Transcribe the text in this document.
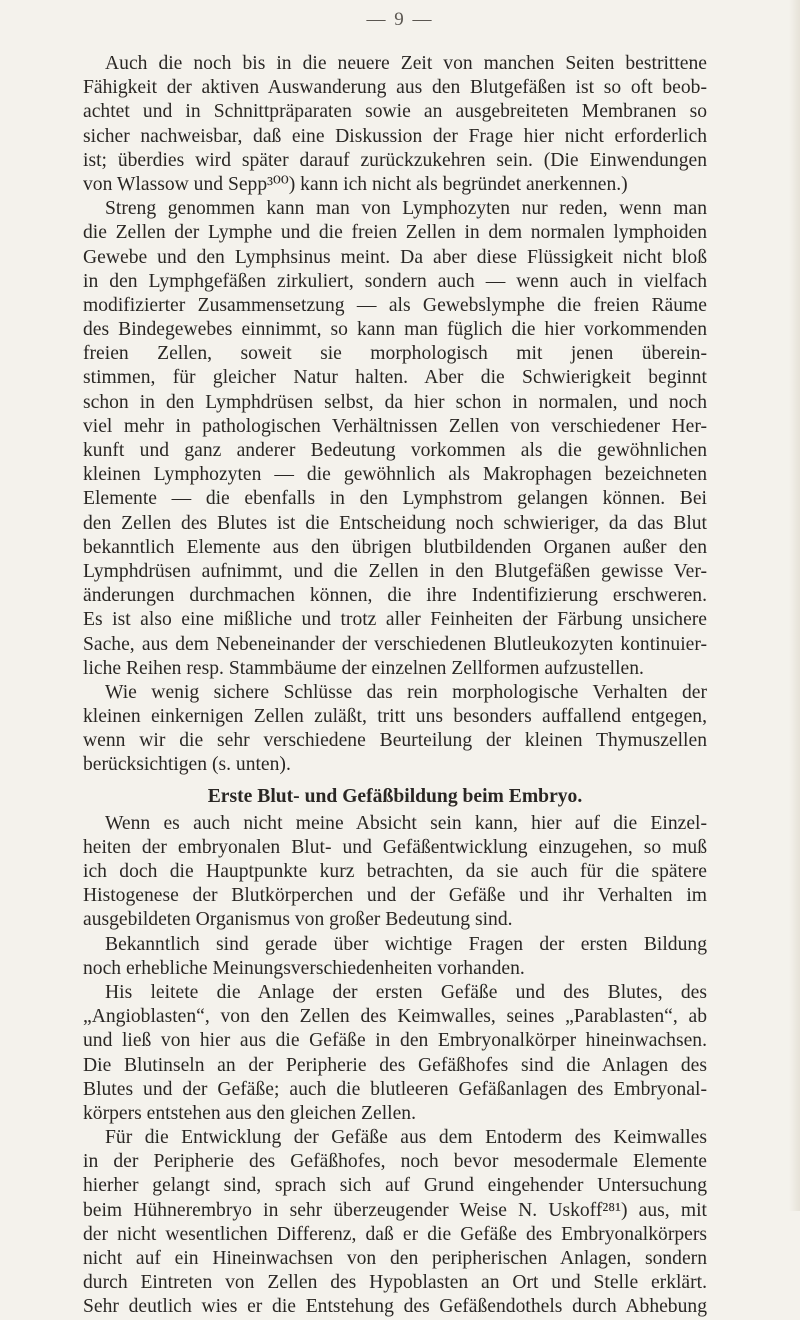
— 9 —
Auch die noch bis in die neuere Zeit von manchen Seiten bestrittene
Fähigkeit der aktiven Auswanderung aus den Blutgefäßen ist so oft beob-
achtet und in Schnittpräparaten sowie an ausgebreiteten Membranen so
sicher nachweisbar, daß eine Diskussion der Frage hier nicht erforderlich
ist; überdies wird später darauf zurückzukehren sein. (Die Einwendungen
von Wlassow und Sepp³⁰⁰) kann ich nicht als begründet anerkennen.)
Streng genommen kann man von Lymphozyten nur reden, wenn man
die Zellen der Lymphe und die freien Zellen in dem normalen lymphoiden
Gewebe und den Lymphsinus meint. Da aber diese Flüssigkeit nicht bloß
in den Lymphgefäßen zirkuliert, sondern auch — wenn auch in vielfach
modifizierter Zusammensetzung — als Gewebslymphe die freien Räume
des Bindegewebes einnimmt, so kann man füglich die hier vorkommenden
freien Zellen, soweit sie morphologisch mit jenen überein-
stimmen, für gleicher Natur halten. Aber die Schwierigkeit beginnt
schon in den Lymphdrüsen selbst, da hier schon in normalen, und noch
viel mehr in pathologischen Verhältnissen Zellen von verschiedener Her-
kunft und ganz anderer Bedeutung vorkommen als die gewöhnlichen
kleinen Lymphozyten — die gewöhnlich als Makrophagen bezeichneten
Elemente — die ebenfalls in den Lymphstrom gelangen können. Bei
den Zellen des Blutes ist die Entscheidung noch schwieriger, da das Blut
bekanntlich Elemente aus den übrigen blutbildenden Organen außer den
Lymphdrüsen aufnimmt, und die Zellen in den Blutgefäßen gewisse Ver-
änderungen durchmachen können, die ihre Indentifizierung erschweren.
Es ist also eine mißliche und trotz aller Feinheiten der Färbung unsichere
Sache, aus dem Nebeneinander der verschiedenen Blutleukozyten kontinuier-
liche Reihen resp. Stammbäume der einzelnen Zellformen aufzustellen.
Wie wenig sichere Schlüsse das rein morphologische Verhalten der
kleinen einkernigen Zellen zuläßt, tritt uns besonders auffallend entgegen,
wenn wir die sehr verschiedene Beurteilung der kleinen Thymuszellen
berücksichtigen (s. unten).
Erste Blut- und Gefäßbildung beim Embryo.
Wenn es auch nicht meine Absicht sein kann, hier auf die Einzel-
heiten der embryonalen Blut- und Gefäßentwicklung einzugehen, so muß
ich doch die Hauptpunkte kurz betrachten, da sie auch für die spätere
Histogenese der Blutkörperchen und der Gefäße und ihr Verhalten im
ausgebildeten Organismus von großer Bedeutung sind.
Bekanntlich sind gerade über wichtige Fragen der ersten Bildung
noch erhebliche Meinungsverschiedenheiten vorhanden.
His leitete die Anlage der ersten Gefäße und des Blutes, des
„Angioblasten“, von den Zellen des Keimwalles, seines „Parablasten“, ab
und ließ von hier aus die Gefäße in den Embryonalkörper hineinwachsen.
Die Blutinseln an der Peripherie des Gefäßhofes sind die Anlagen des
Blutes und der Gefäße; auch die blutleeren Gefäßanlagen des Embryonal-
körpers entstehen aus den gleichen Zellen.
Für die Entwicklung der Gefäße aus dem Entoderm des Keimwalles
in der Peripherie des Gefäßhofes, noch bevor mesodermale Elemente
hierher gelangt sind, sprach sich auf Grund eingehender Untersuchung
beim Hühnerembryo in sehr überzeugender Weise N. Uskoff²⁸¹) aus, mit
der nicht wesentlichen Differenz, daß er die Gefäße des Embryonalkörpers
nicht auf ein Hineinwachsen von den peripherischen Anlagen, sondern
durch Eintreten von Zellen des Hypoblasten an Ort und Stelle erklärt.
Sehr deutlich wies er die Entstehung des Gefäßendothels durch Abhebung
